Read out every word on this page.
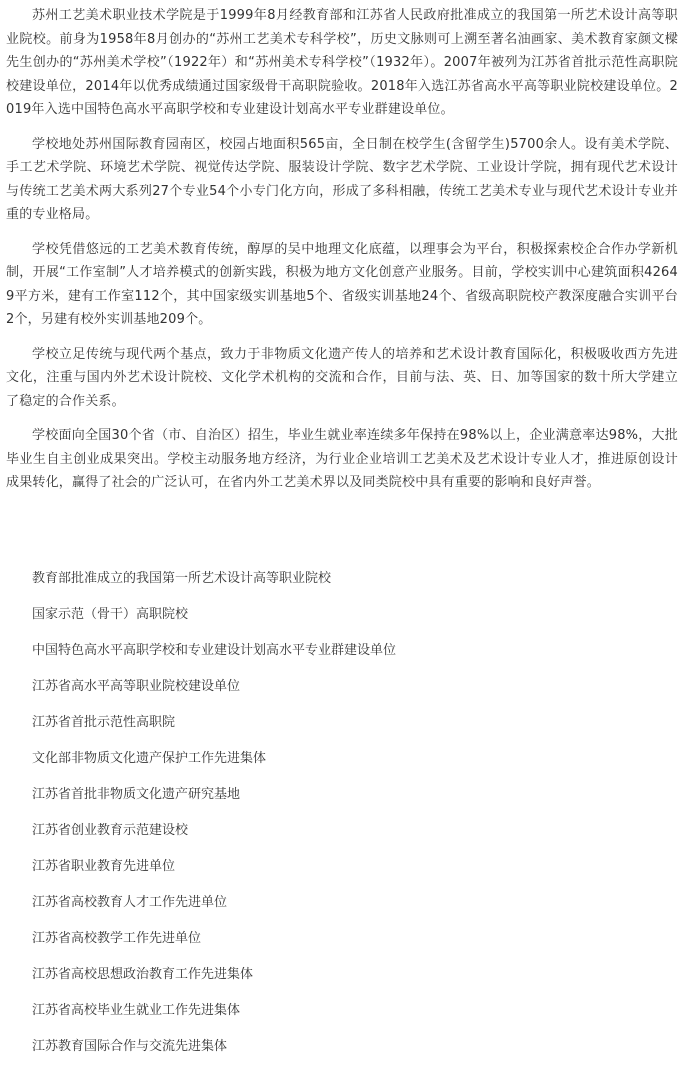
苏州工艺美术职业技术学院是于1999年8月经教育部和江苏省人民政府批准成立的我国第一所艺术设计高等职业院校。前身为1958年8月创办的“苏州工艺美术专科学校”，历史文脉则可上溯至著名油画家、美术教育家颜文樑先生创办的“苏州美术学校”（1922年）和“苏州美术专科学校”（1932年）。2007年被列为江苏省首批示范性高职院校建设单位，2014年以优秀成绩通过国家级骨干高职院验收。2018年入选江苏省高水平高等职业院校建设单位。2019年入选中国特色高水平高职学校和专业建设计划高水平专业群建设单位。

学校地处苏州国际教育园南区，校园占地面积565亩，全日制在校学生(含留学生)5700余人。设有美术学院、手工艺术学院、环境艺术学院、视觉传达学院、服装设计学院、数字艺术学院、工业设计学院，拥有现代艺术设计与传统工艺美术两大系列27个专业54个小专门化方向，形成了多科相融，传统工艺美术专业与现代艺术设计专业并重的专业格局。

学校凭借悠远的工艺美术教育传统，醇厚的吴中地理文化底蕴，以理事会为平台，积极探索校企合作办学新机制，开展“工作室制”人才培养模式的创新实践，积极为地方文化创意产业服务。目前，学校实训中心建筑面积42649平方米，建有工作室112个，其中国家级实训基地5个、省级实训基地24个、省级高职院校产教深度融合实训平台2个，另建有校外实训基地209个。

学校立足传统与现代两个基点，致力于非物质文化遗产传人的培养和艺术设计教育国际化，积极吸收西方先进文化，注重与国内外艺术设计院校、文化学术机构的交流和合作，目前与法、英、日、加等国家的数十所大学建立了稳定的合作关系。

学校面向全国30个省（市、自治区）招生，毕业生就业率连续多年保持在98%以上，企业满意率达98%，大批毕业生自主创业成果突出。学校主动服务地方经济，为行业企业培训工艺美术及艺术设计专业人才，推进原创设计成果转化，赢得了社会的广泛认可，在省内外工艺美术界以及同类院校中具有重要的影响和良好声誉。

教育部批准成立的我国第一所艺术设计高等职业院校
国家示范（骨干）高职院校
中国特色高水平高职学校和专业建设计划高水平专业群建设单位
江苏省高水平高等职业院校建设单位
江苏省首批示范性高职院
文化部非物质文化遗产保护工作先进集体
江苏省首批非物质文化遗产研究基地
江苏省创业教育示范建设校
江苏省职业教育先进单位
江苏省高校教育人才工作先进单位
江苏省高校教学工作先进单位
江苏省高校思想政治教育工作先进集体
江苏省高校毕业生就业工作先进集体
江苏教育国际合作与交流先进集体
